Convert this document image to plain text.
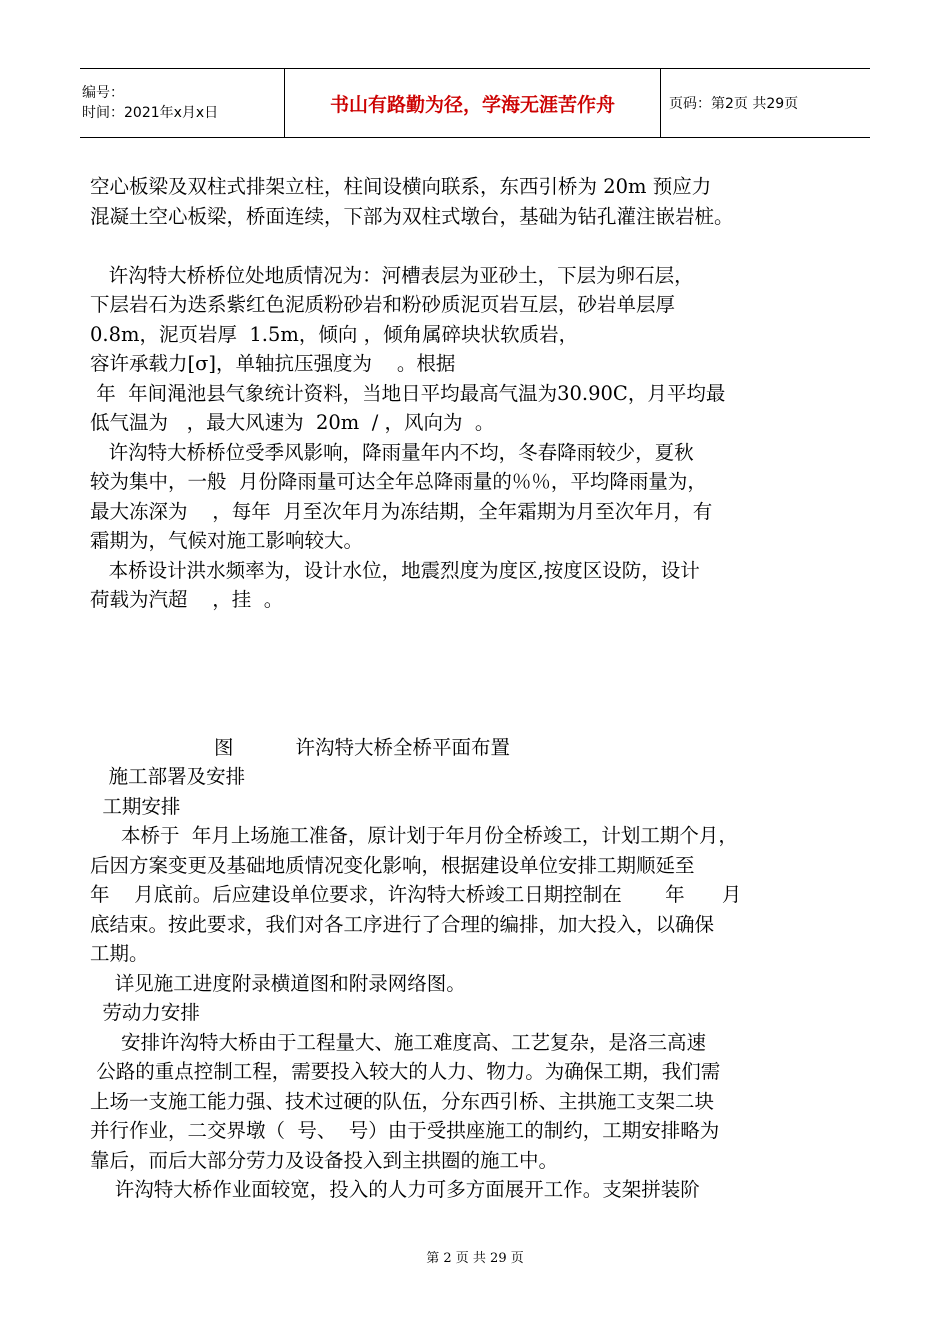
编号：
时间：2021年x月x日	书山有路勤为径，学海无涯苦作舟	页码：第2页 共29页
空心板梁及双柱式排架立柱，柱间设横向联系，东西引桥为 20m 预应力
混凝土空心板梁，桥面连续，下部为双柱式墩台，基础为钻孔灌注嵌岩桩。
许沟特大桥桥位处地质情况为：河槽表层为亚砂土，下层为卵石层，
下层岩石为迭系紫红色泥质粉砂岩和粉砂质泥页岩互层，砂岩单层厚
0.8m，泥页岩厚  1.5m，倾向 ，倾角属碎块状软质岩，
容许承载力[σ]，单轴抗压强度为    。根据
年  年间渑池县气象统计资料，当地日平均最高气温为30.90C，月平均最
低气温为   ，最大风速为  20m  / ，风向为  。
许沟特大桥桥位受季风影响，降雨量年内不均，冬春降雨较少，夏秋
较为集中，一般  月份降雨量可达全年总降雨量的％％，平均降雨量为，
最大冻深为    ，每年  月至次年月为冻结期，全年霜期为月至次年月，有
霜期为，气候对施工影响较大。
本桥设计洪水频率为，设计水位，地震烈度为度区,按度区设防，设计
荷载为汽超    ，挂  。
图          许沟特大桥全桥平面布置
施工部署及安排
工期安排
本桥于  年月上场施工准备，原计划于年月份全桥竣工，计划工期个月，
后因方案变更及基础地质情况变化影响，根据建设单位安排工期顺延至
年    月底前。后应建设单位要求，许沟特大桥竣工日期控制在       年      月
底结束。按此要求，我们对各工序进行了合理的编排，加大投入，以确保
工期。
详见施工进度附录横道图和附录网络图。
劳动力安排
安排许沟特大桥由于工程量大、施工难度高、工艺复杂，是洛三高速
公路的重点控制工程，需要投入较大的人力、物力。为确保工期，我们需
上场一支施工能力强、技术过硬的队伍，分东西引桥、主拱施工支架二块
并行作业，二交界墩（  号、  号）由于受拱座施工的制约，工期安排略为
靠后，而后大部分劳力及设备投入到主拱圈的施工中。
许沟特大桥作业面较宽，投入的人力可多方面展开工作。支架拼装阶
第 2 页 共 29 页
